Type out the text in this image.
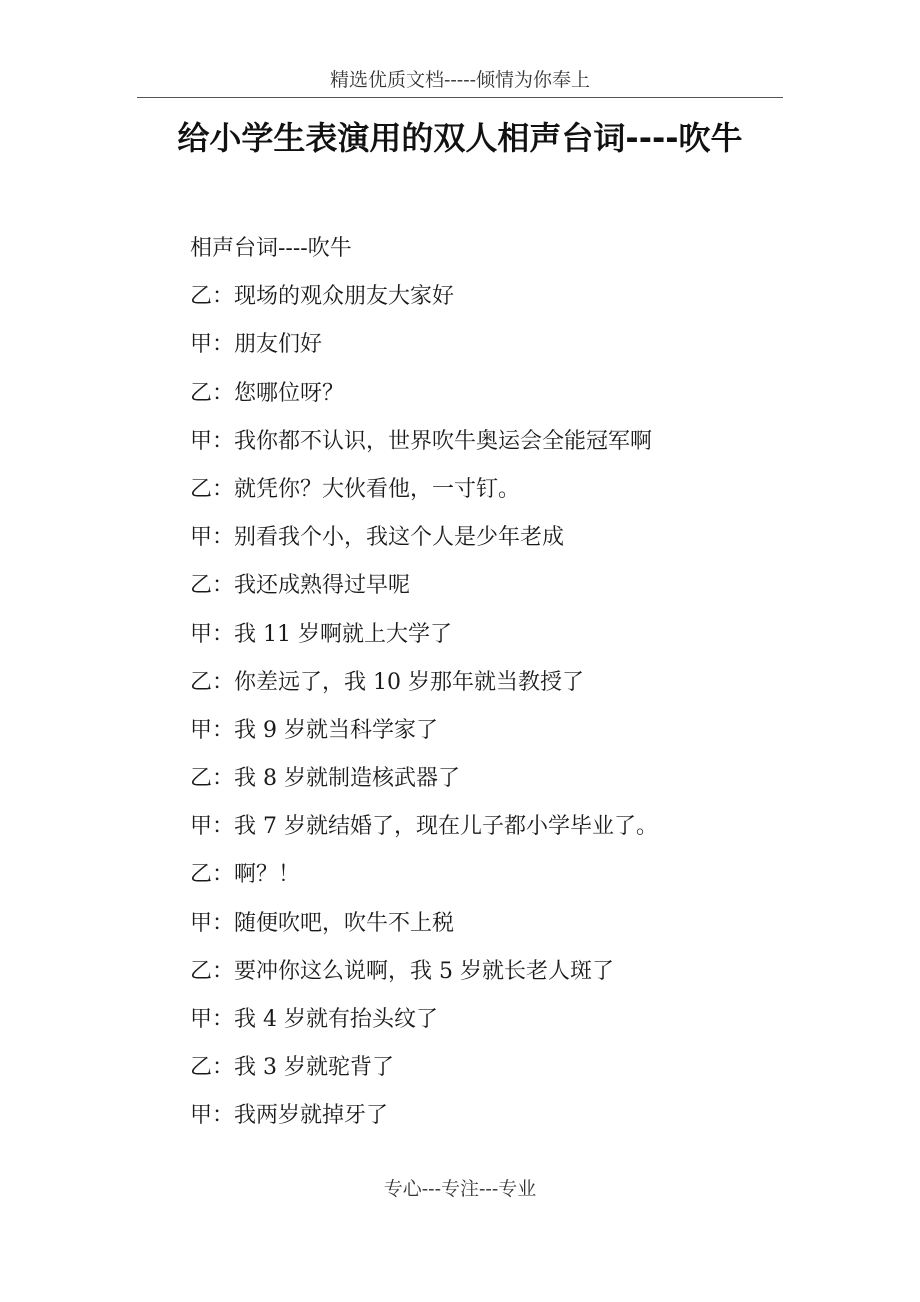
精选优质文档-----倾情为你奉上
给小学生表演用的双人相声台词----吹牛
相声台词----吹牛
乙：现场的观众朋友大家好
甲：朋友们好
乙：您哪位呀？
甲：我你都不认识，世界吹牛奥运会全能冠军啊
乙：就凭你？大伙看他，一寸钉。
甲：别看我个小，我这个人是少年老成
乙：我还成熟得过早呢
甲：我 11 岁啊就上大学了
乙：你差远了，我 10 岁那年就当教授了
甲：我 9 岁就当科学家了
乙：我 8 岁就制造核武器了
甲：我 7 岁就结婚了，现在儿子都小学毕业了。
乙：啊？！
甲：随便吹吧，吹牛不上税
乙：要冲你这么说啊，我 5 岁就长老人斑了
甲：我 4 岁就有抬头纹了
乙：我 3 岁就驼背了
甲：我两岁就掉牙了
专心---专注---专业
